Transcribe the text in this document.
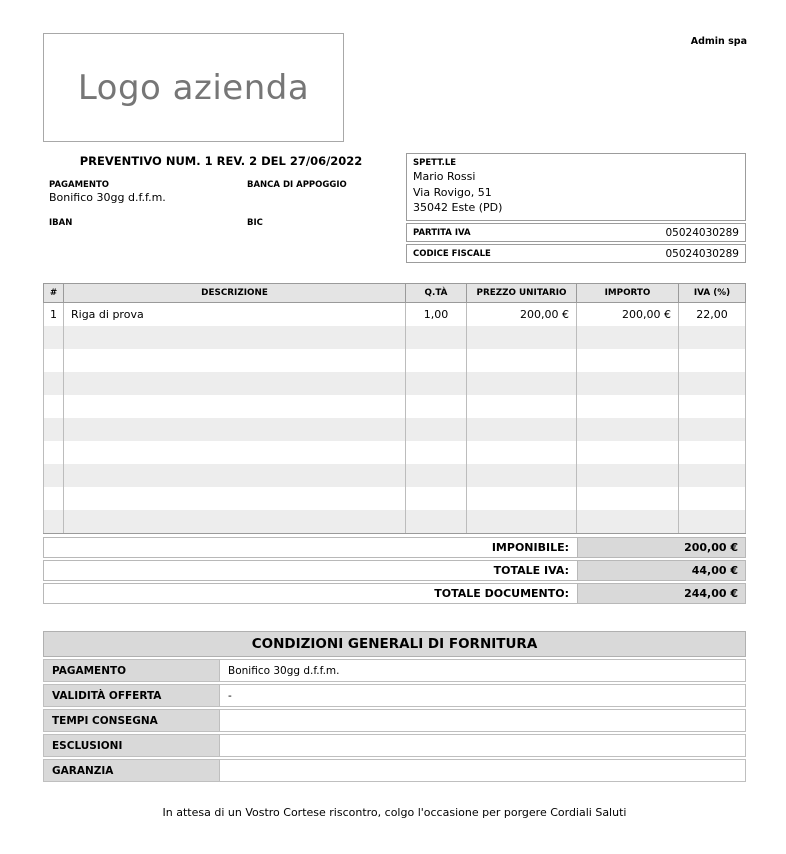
Admin spa
Logo azienda
PREVENTIVO NUM. 1 REV. 2 DEL 27/06/2022
PAGAMENTO
Bonifico 30gg d.f.f.m.
BANCA DI APPOGGIO
IBAN	BIC
SPETT.LE
Mario Rossi
Via Rovigo, 51
35042 Este (PD)
PARTITA IVA	05024030289
CODICE FISCALE	05024030289
#	DESCRIZIONE	Q.TÀ	PREZZO UNITARIO	IMPORTO	IVA (%)
1	Riga di prova	1,00	200,00 €	200,00 €	22,00
IMPONIBILE:	200,00 €
TOTALE IVA:	44,00 €
TOTALE DOCUMENTO:	244,00 €
CONDIZIONI GENERALI DI FORNITURA
PAGAMENTO	Bonifico 30gg d.f.f.m.
VALIDITÀ OFFERTA	-
TEMPI CONSEGNA
ESCLUSIONI
GARANZIA
In attesa di un Vostro Cortese riscontro, colgo l'occasione per porgere Cordiali Saluti
